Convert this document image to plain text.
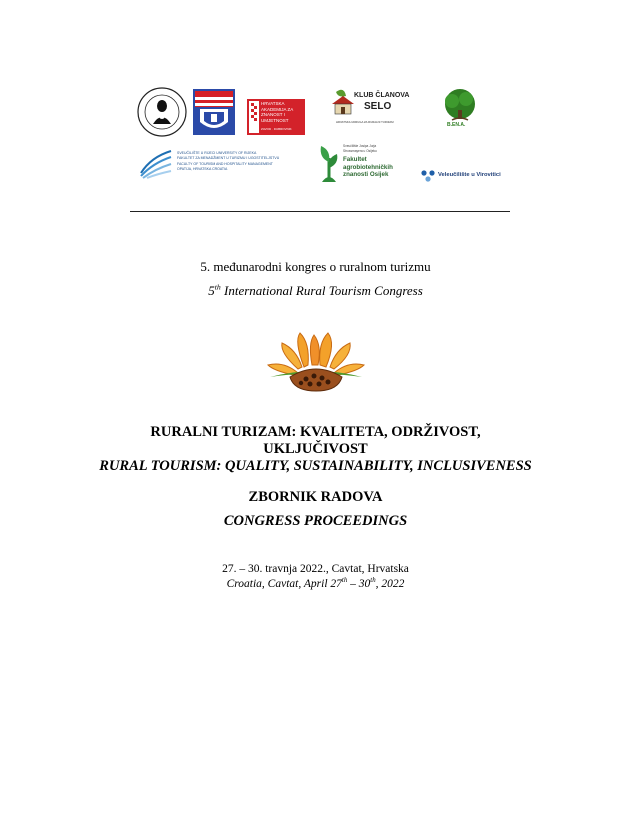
HRVATSKA
AKADEMIJA ZA
ZNANOST I
UMJETNOST
ZAVOD · DUBROVNIK
KLUB ČLANOVA
SELO
HRVATSKA UDRUGA ZA RURALNI TURIZAM	B.EN.A.
SVEUČILIŠTE U RIJECI UNIVERSITY OF RIJEKA
FAKULTET ZA MENADŽMENT U TURIZMU I UGOSTITELJSTVU
FACULTY OF TOURISM AND HOSPITALITY MANAGEMENT
OPATIJA, HRVATSKA CROATIA
Sveučilište Josipa Jurja
Strossmayera u Osijeku
Fakultet
agrobiotehničkih
znanosti Osijek	Veleučilište u Virovitici
5. međunarodni kongres o ruralnom turizmu
5th International Rural Tourism Congress
RURALNI TURIZAM: KVALITETA, ODRŽIVOST,
UKLJUČIVOST
RURAL TOURISM: QUALITY, SUSTAINABILITY, INCLUSIVENESS
ZBORNIK RADOVA
CONGRESS PROCEEDINGS
27. – 30. travnja 2022., Cavtat, Hrvatska
Croatia, Cavtat, April 27th – 30th, 2022
